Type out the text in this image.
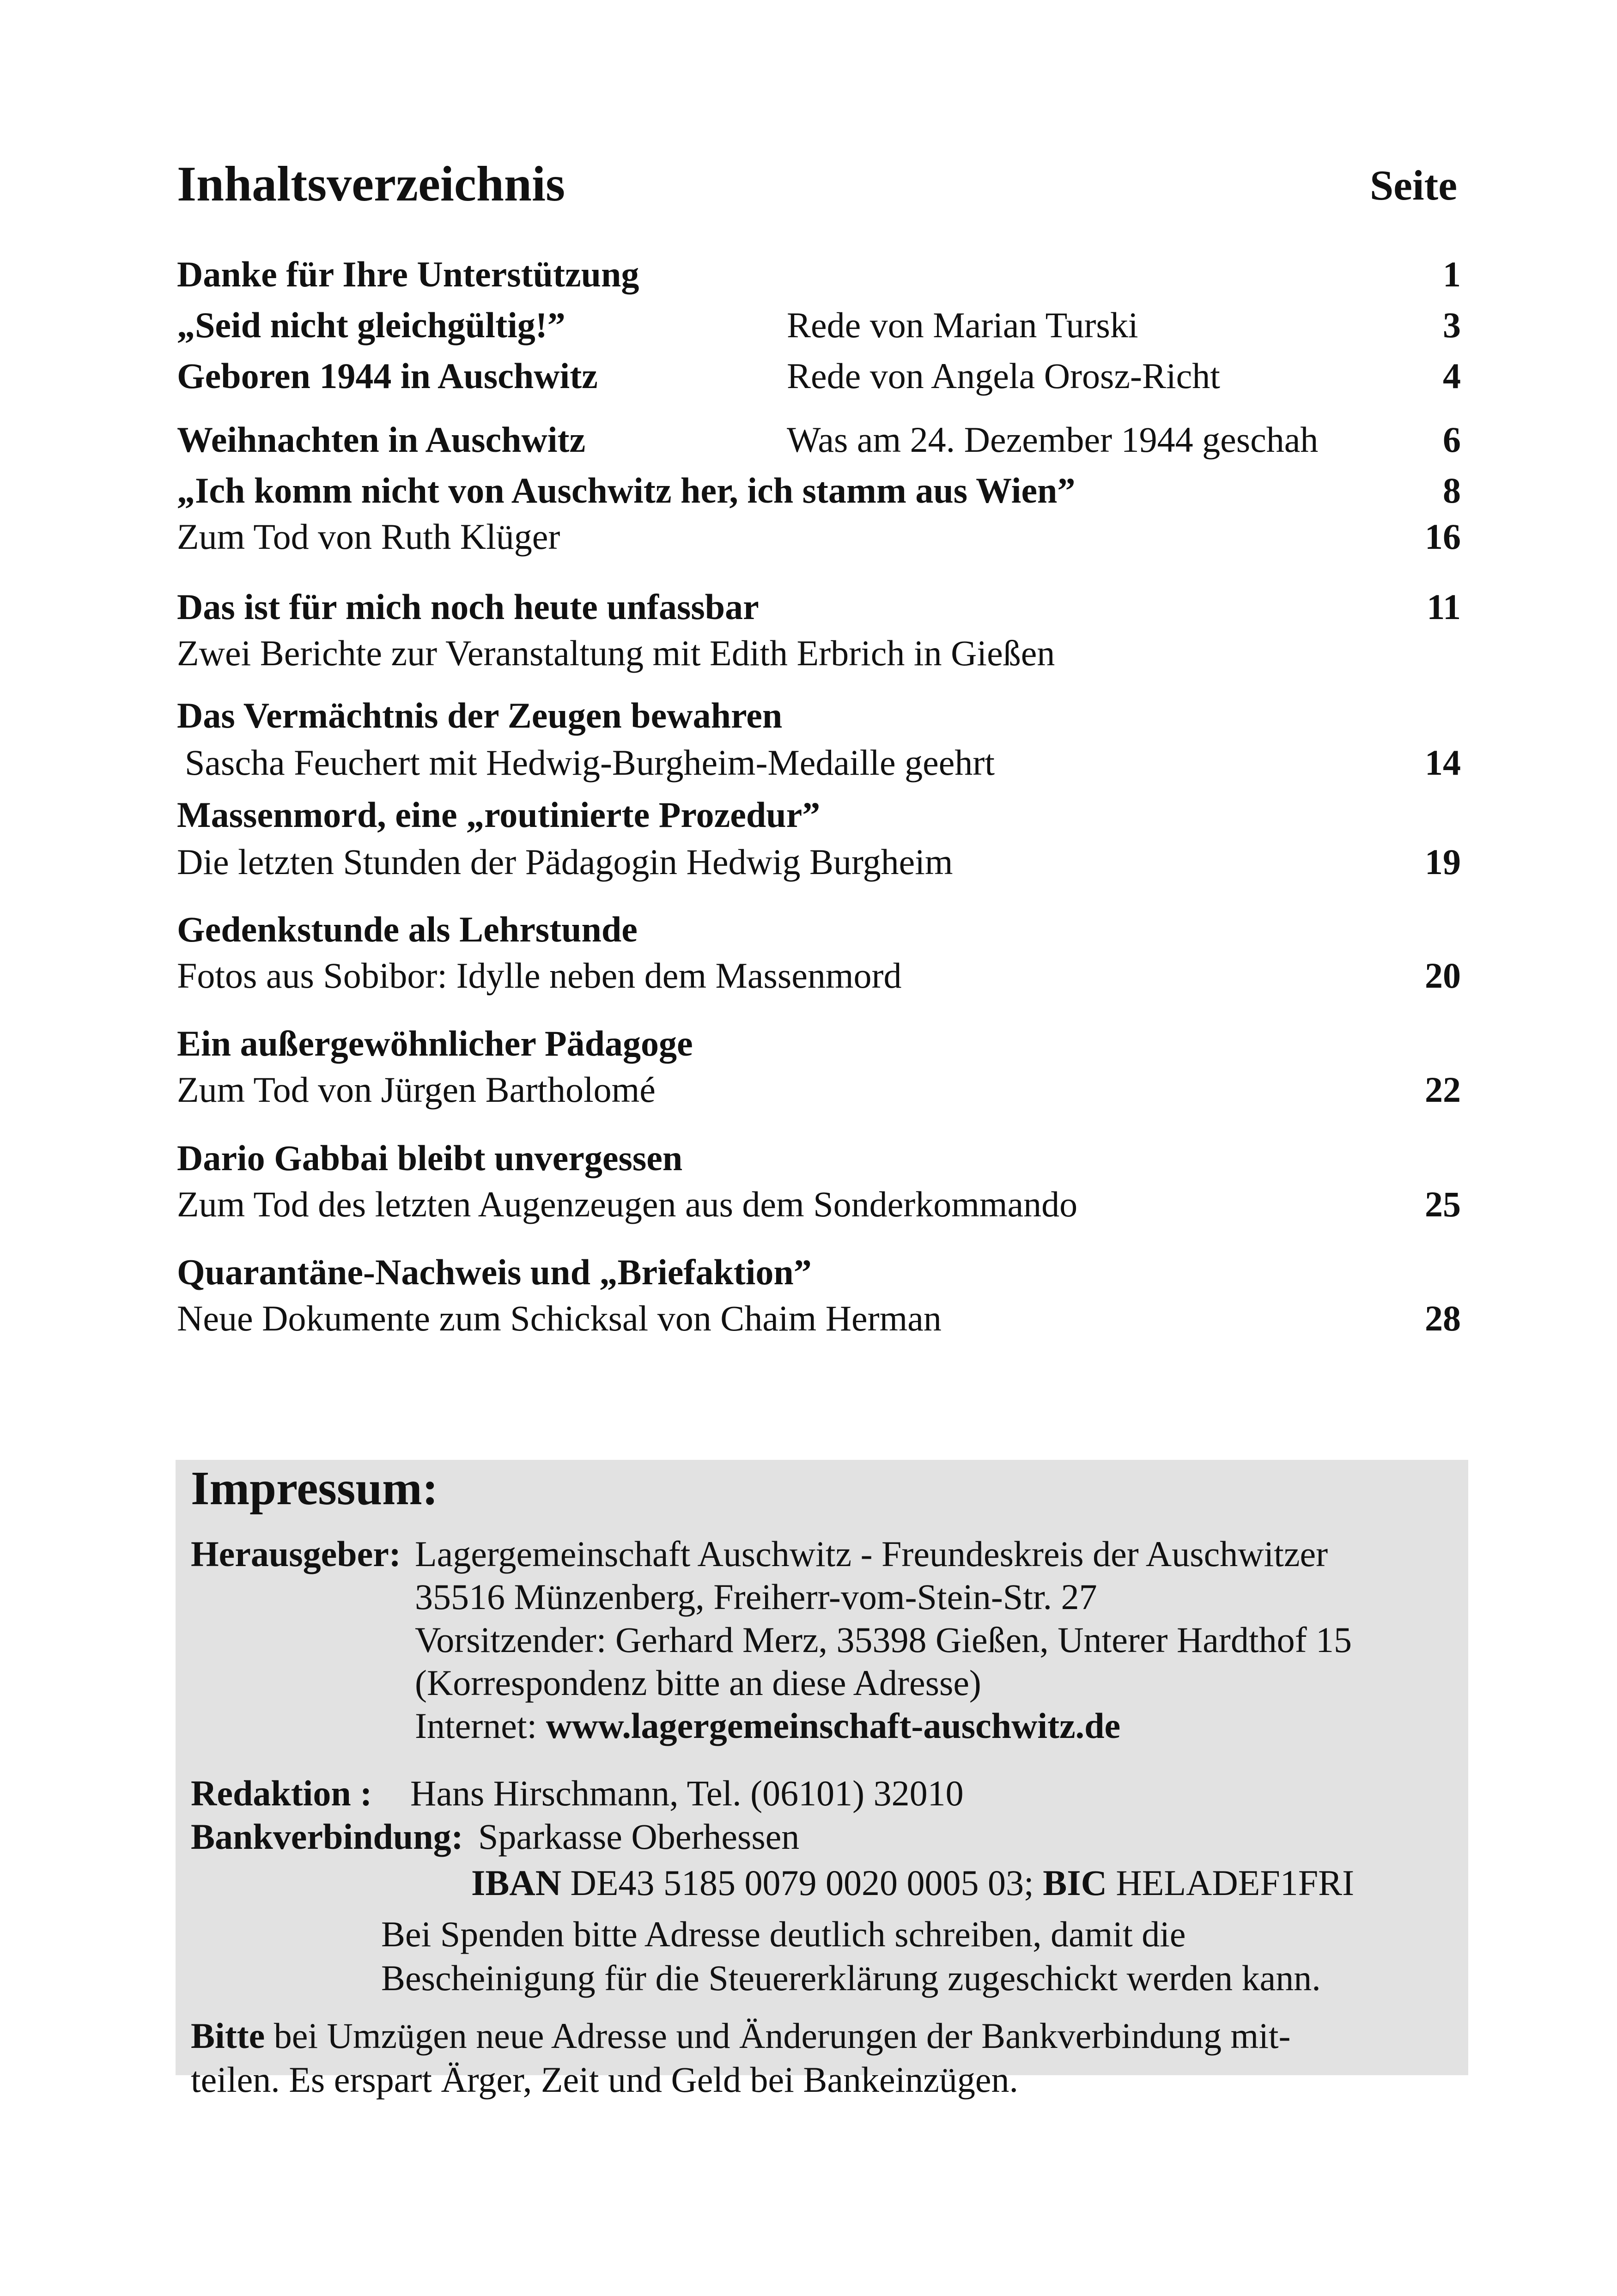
Inhaltsverzeichnis	Seite
Danke für Ihre Unterstützung	1
„Seid nicht gleichgültig!”	Rede von Marian Turski	3
Geboren 1944 in Auschwitz	Rede von Angela Orosz-Richt	4
Weihnachten in Auschwitz	Was am 24. Dezember 1944 geschah	6
„Ich komm nicht von Auschwitz her, ich stamm aus Wien”	8
Zum Tod von Ruth Klüger	16
Das ist für mich noch heute unfassbar	11
Zwei Berichte zur Veranstaltung mit Edith Erbrich in Gießen
Das Vermächtnis der Zeugen bewahren
Sascha Feuchert mit Hedwig-Burgheim-Medaille geehrt	14
Massenmord, eine „routinierte Prozedur”
Die letzten Stunden der Pädagogin Hedwig Burgheim	19
Gedenkstunde als Lehrstunde
Fotos aus Sobibor: Idylle neben dem Massenmord	20
Ein außergewöhnlicher Pädagoge
Zum Tod von Jürgen Bartholomé	22
Dario Gabbai bleibt unvergessen
Zum Tod des letzten Augenzeugen aus dem Sonderkommando	25
Quarantäne-Nachweis und „Briefaktion”
Neue Dokumente zum Schicksal von Chaim Herman	28
Impressum:
Herausgeber: Lagergemeinschaft Auschwitz - Freundeskreis der Auschwitzer
35516 Münzenberg, Freiherr-vom-Stein-Str. 27
Vorsitzender: Gerhard Merz, 35398 Gießen, Unterer Hardthof 15
(Korrespondenz bitte an diese Adresse)
Internet: www.lagergemeinschaft-auschwitz.de
Redaktion : Hans Hirschmann, Tel. (06101) 32010
Bankverbindung: Sparkasse Oberhessen
IBAN DE43 5185 0079 0020 0005 03; BIC HELADEF1FRI
Bei Spenden bitte Adresse deutlich schreiben, damit die
Bescheinigung für die Steuererklärung zugeschickt werden kann.
Bitte bei Umzügen neue Adresse und Änderungen der Bankverbindung mit-
teilen. Es erspart Ärger, Zeit und Geld bei Bankeinzügen.
